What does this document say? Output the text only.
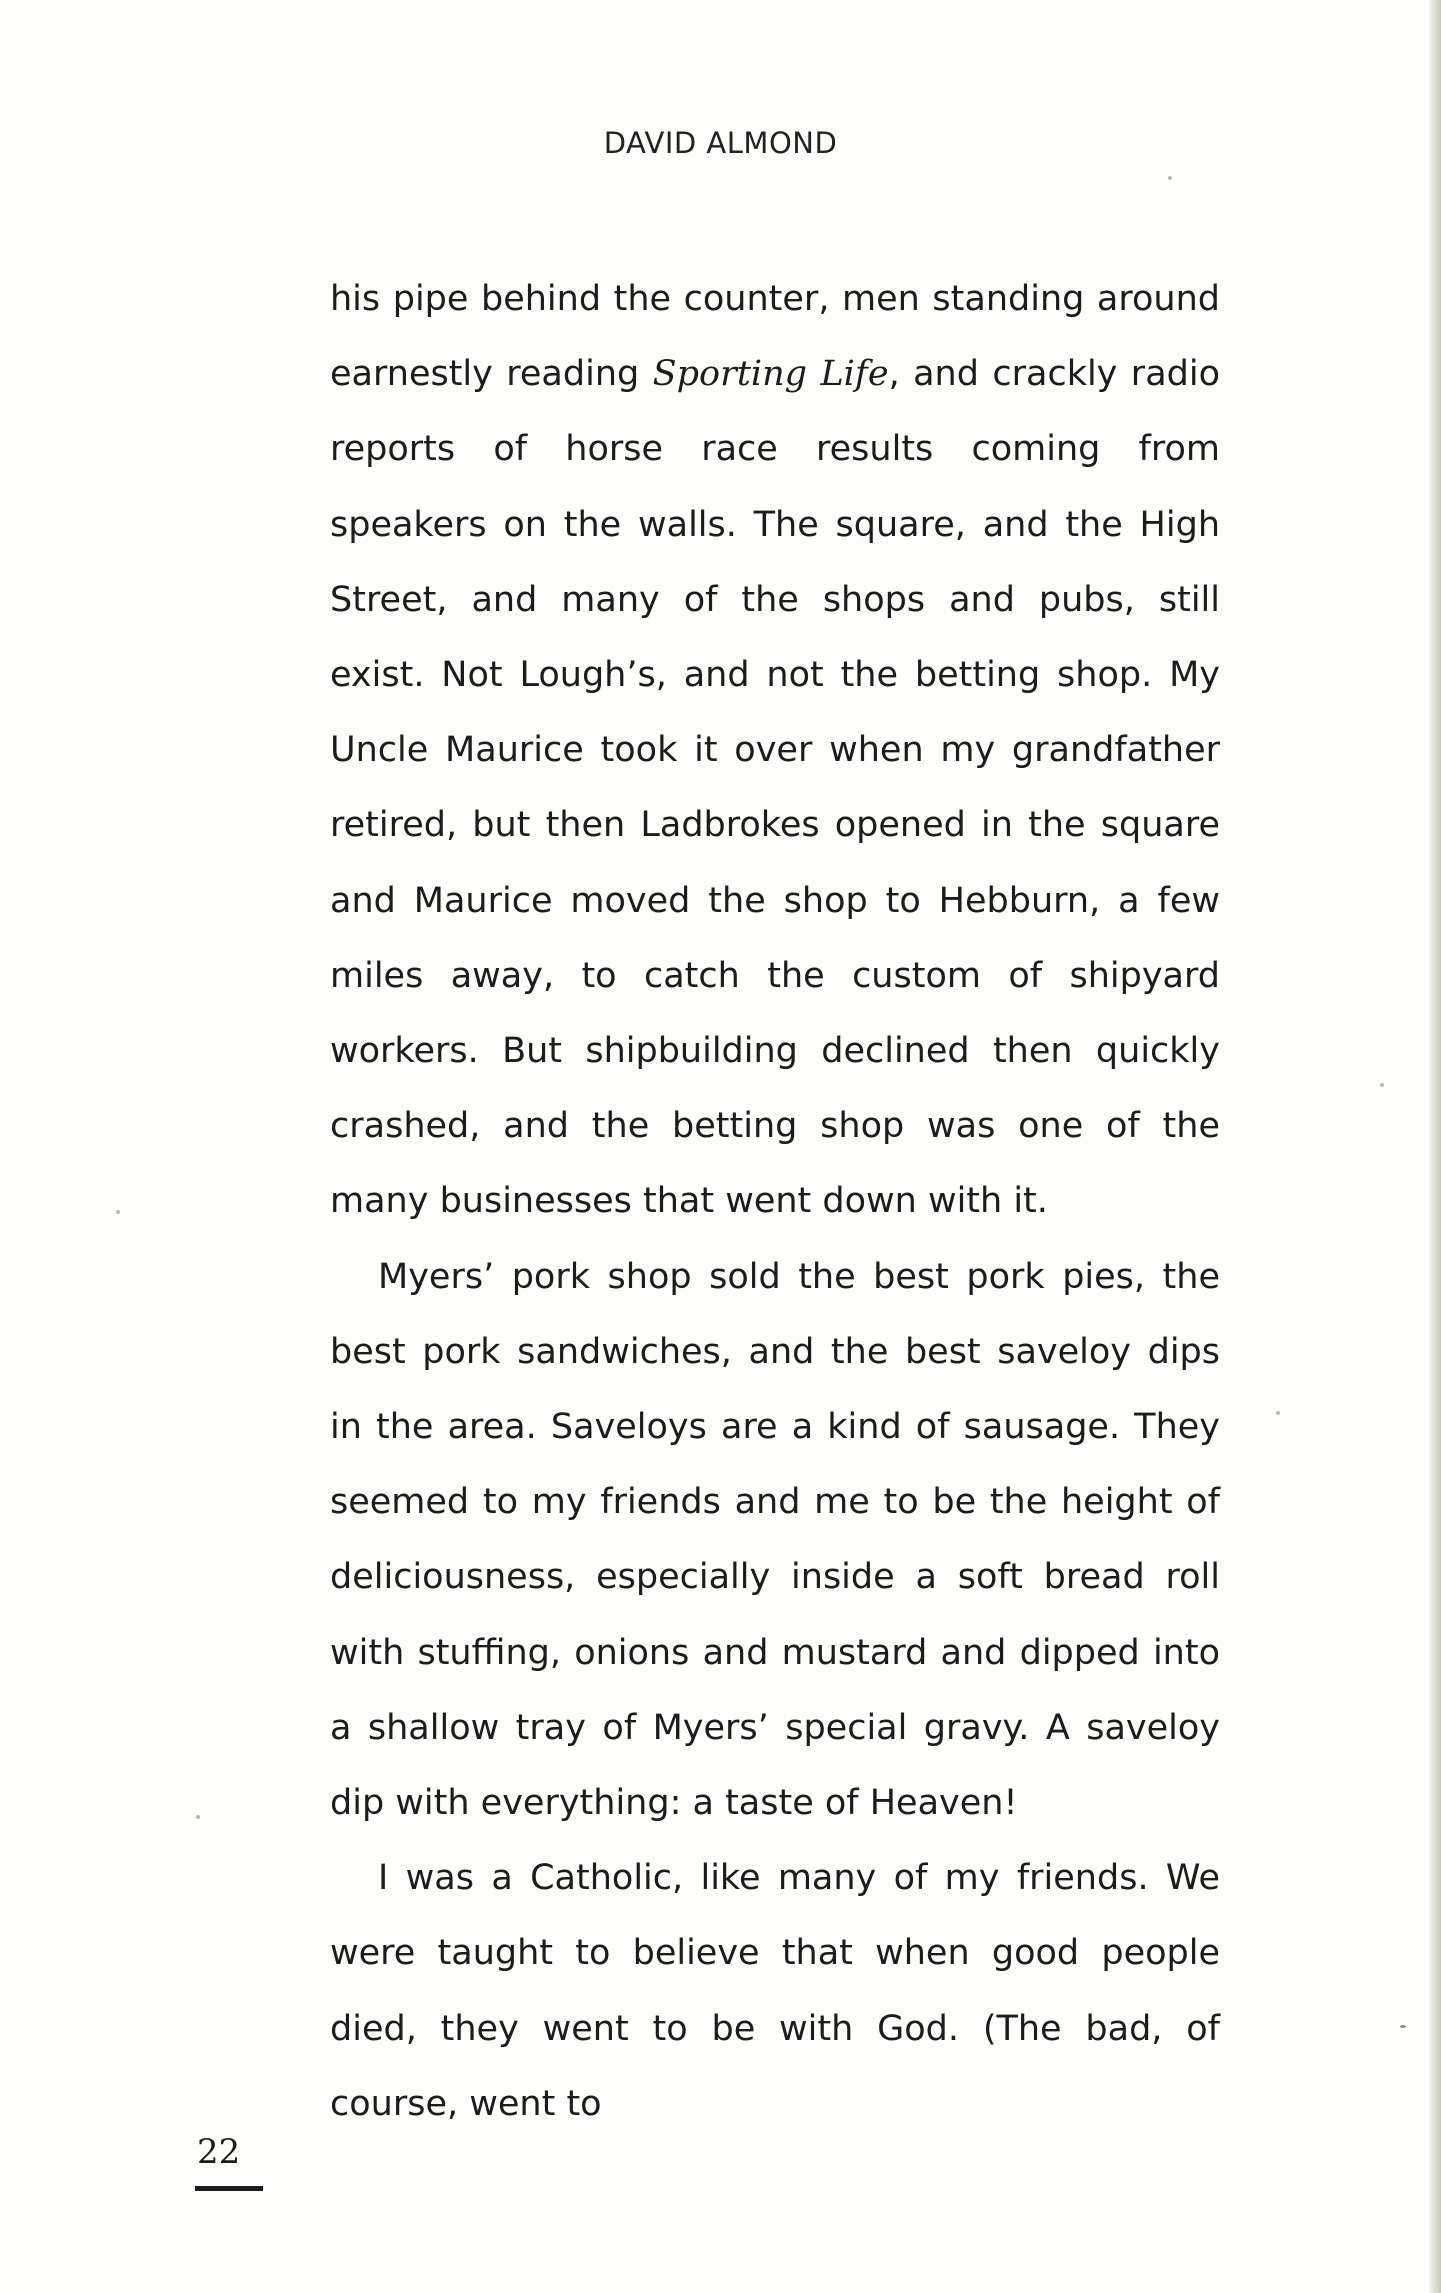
DAVID ALMOND

his pipe behind the counter, men standing around earnestly reading Sporting Life, and crackly radio reports of horse race results coming from speakers on the walls. The square, and the High Street, and many of the shops and pubs, still exist. Not Lough’s, and not the betting shop. My Uncle Maurice took it over when my grandfather retired, but then Ladbrokes opened in the square and Maurice moved the shop to Hebburn, a few miles away, to catch the custom of shipyard workers. But shipbuilding declined then quickly crashed, and the betting shop was one of the many businesses that went down with it.

Myers’ pork shop sold the best pork pies, the best pork sandwiches, and the best saveloy dips in the area. Saveloys are a kind of sausage. They seemed to my friends and me to be the height of deliciousness, especially inside a soft bread roll with stuffing, onions and mustard and dipped into a shallow tray of Myers’ special gravy. A saveloy dip with everything: a taste of Heaven!

I was a Catholic, like many of my friends. We were taught to believe that when good people died, they went to be with God. (The bad, of course, went to

22
